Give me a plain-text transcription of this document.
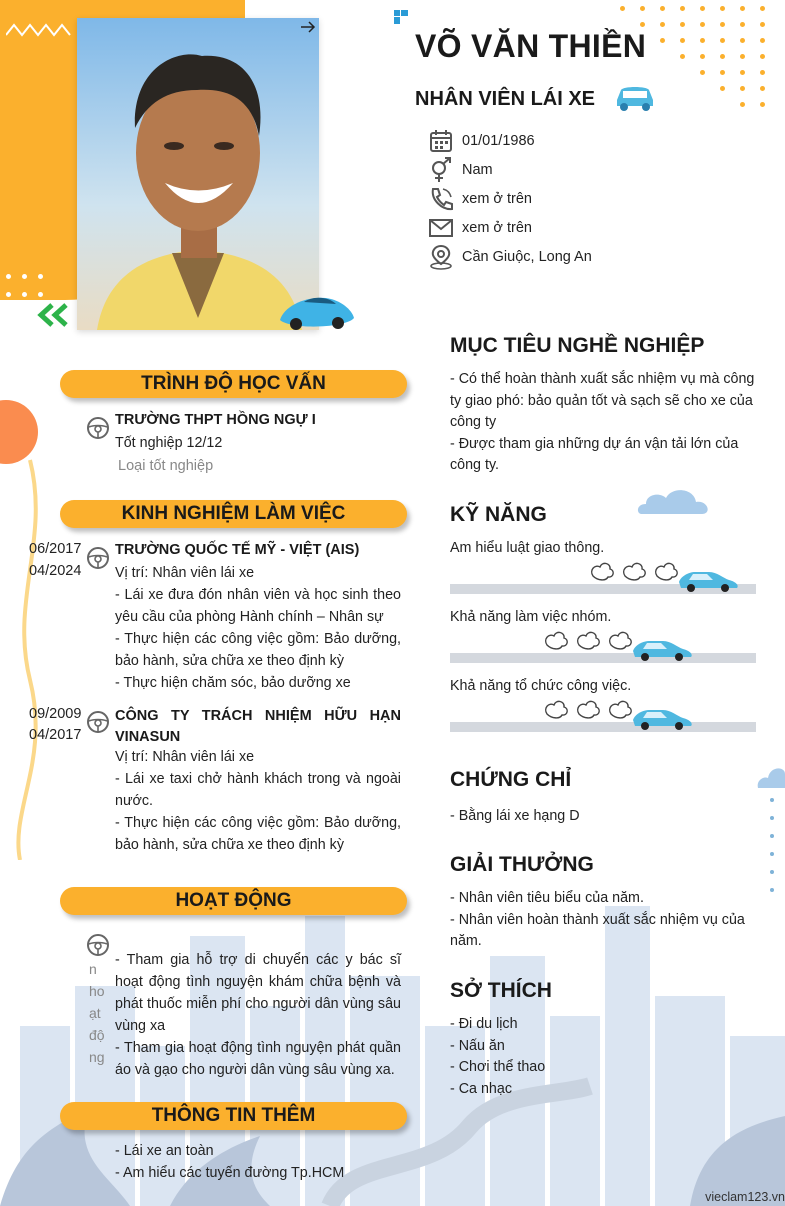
VÕ VĂN THIỀN
NHÂN VIÊN LÁI XE
01/01/1986
Nam
xem ở trên
xem ở trên
Cần Giuộc, Long An
TRÌNH ĐỘ HỌC VẤN
TRƯỜNG THPT HỒNG NGỰ I
Tốt nghiệp 12/12
Loại tốt nghiệp
KINH NGHIỆM LÀM VIỆC
06/2017
04/2024
TRƯỜNG QUỐC TẾ MỸ - VIỆT (AIS)
Vị trí: Nhân viên lái xe
- Lái xe đưa đón nhân viên và học sinh theo yêu cầu của phòng Hành chính – Nhân sự
- Thực hiện các công việc gồm: Bảo dưỡng, bảo hành, sửa chữa xe theo định kỳ
- Thực hiện chăm sóc, bảo dưỡng xe
09/2009
04/2017
CÔNG TY TRÁCH NHIỆM HỮU HẠN VINASUN
Vị trí: Nhân viên lái xe
- Lái xe taxi chở hành khách trong và ngoài nước.
- Thực hiện các công việc gồm: Bảo dưỡng, bảo hành, sửa chữa xe theo định kỳ
HOẠT ĐỘNG
n
ho
ạt
độ
ng
- Tham gia hỗ trợ di chuyển các y bác sĩ hoạt động tình nguyện khám chữa bệnh và phát thuốc miễn phí cho người dân vùng sâu vùng xa
- Tham gia hoạt động tình nguyện phát quần áo và gạo cho người dân vùng sâu vùng xa.
THÔNG TIN THÊM
- Lái xe an toàn
- Am hiểu các tuyến đường Tp.HCM
MỤC TIÊU NGHỀ NGHIỆP
- Có thể hoàn thành xuất sắc nhiệm vụ mà công ty giao phó: bảo quản tốt và sạch sẽ cho xe của công ty
- Được tham gia những dự án vận tải lớn của công ty.
KỸ NĂNG
Am hiểu luật giao thông.
Khả năng làm việc nhóm.
Khả năng tổ chức công việc.
CHỨNG CHỈ
- Bằng lái xe hạng D
GIẢI THƯỞNG
- Nhân viên tiêu biểu của năm.
- Nhân viên hoàn thành xuất sắc nhiệm vụ của năm.
SỞ THÍCH
- Đi du lịch
- Nấu ăn
- Chơi thể thao
- Ca nhạc
vieclam123.vn
